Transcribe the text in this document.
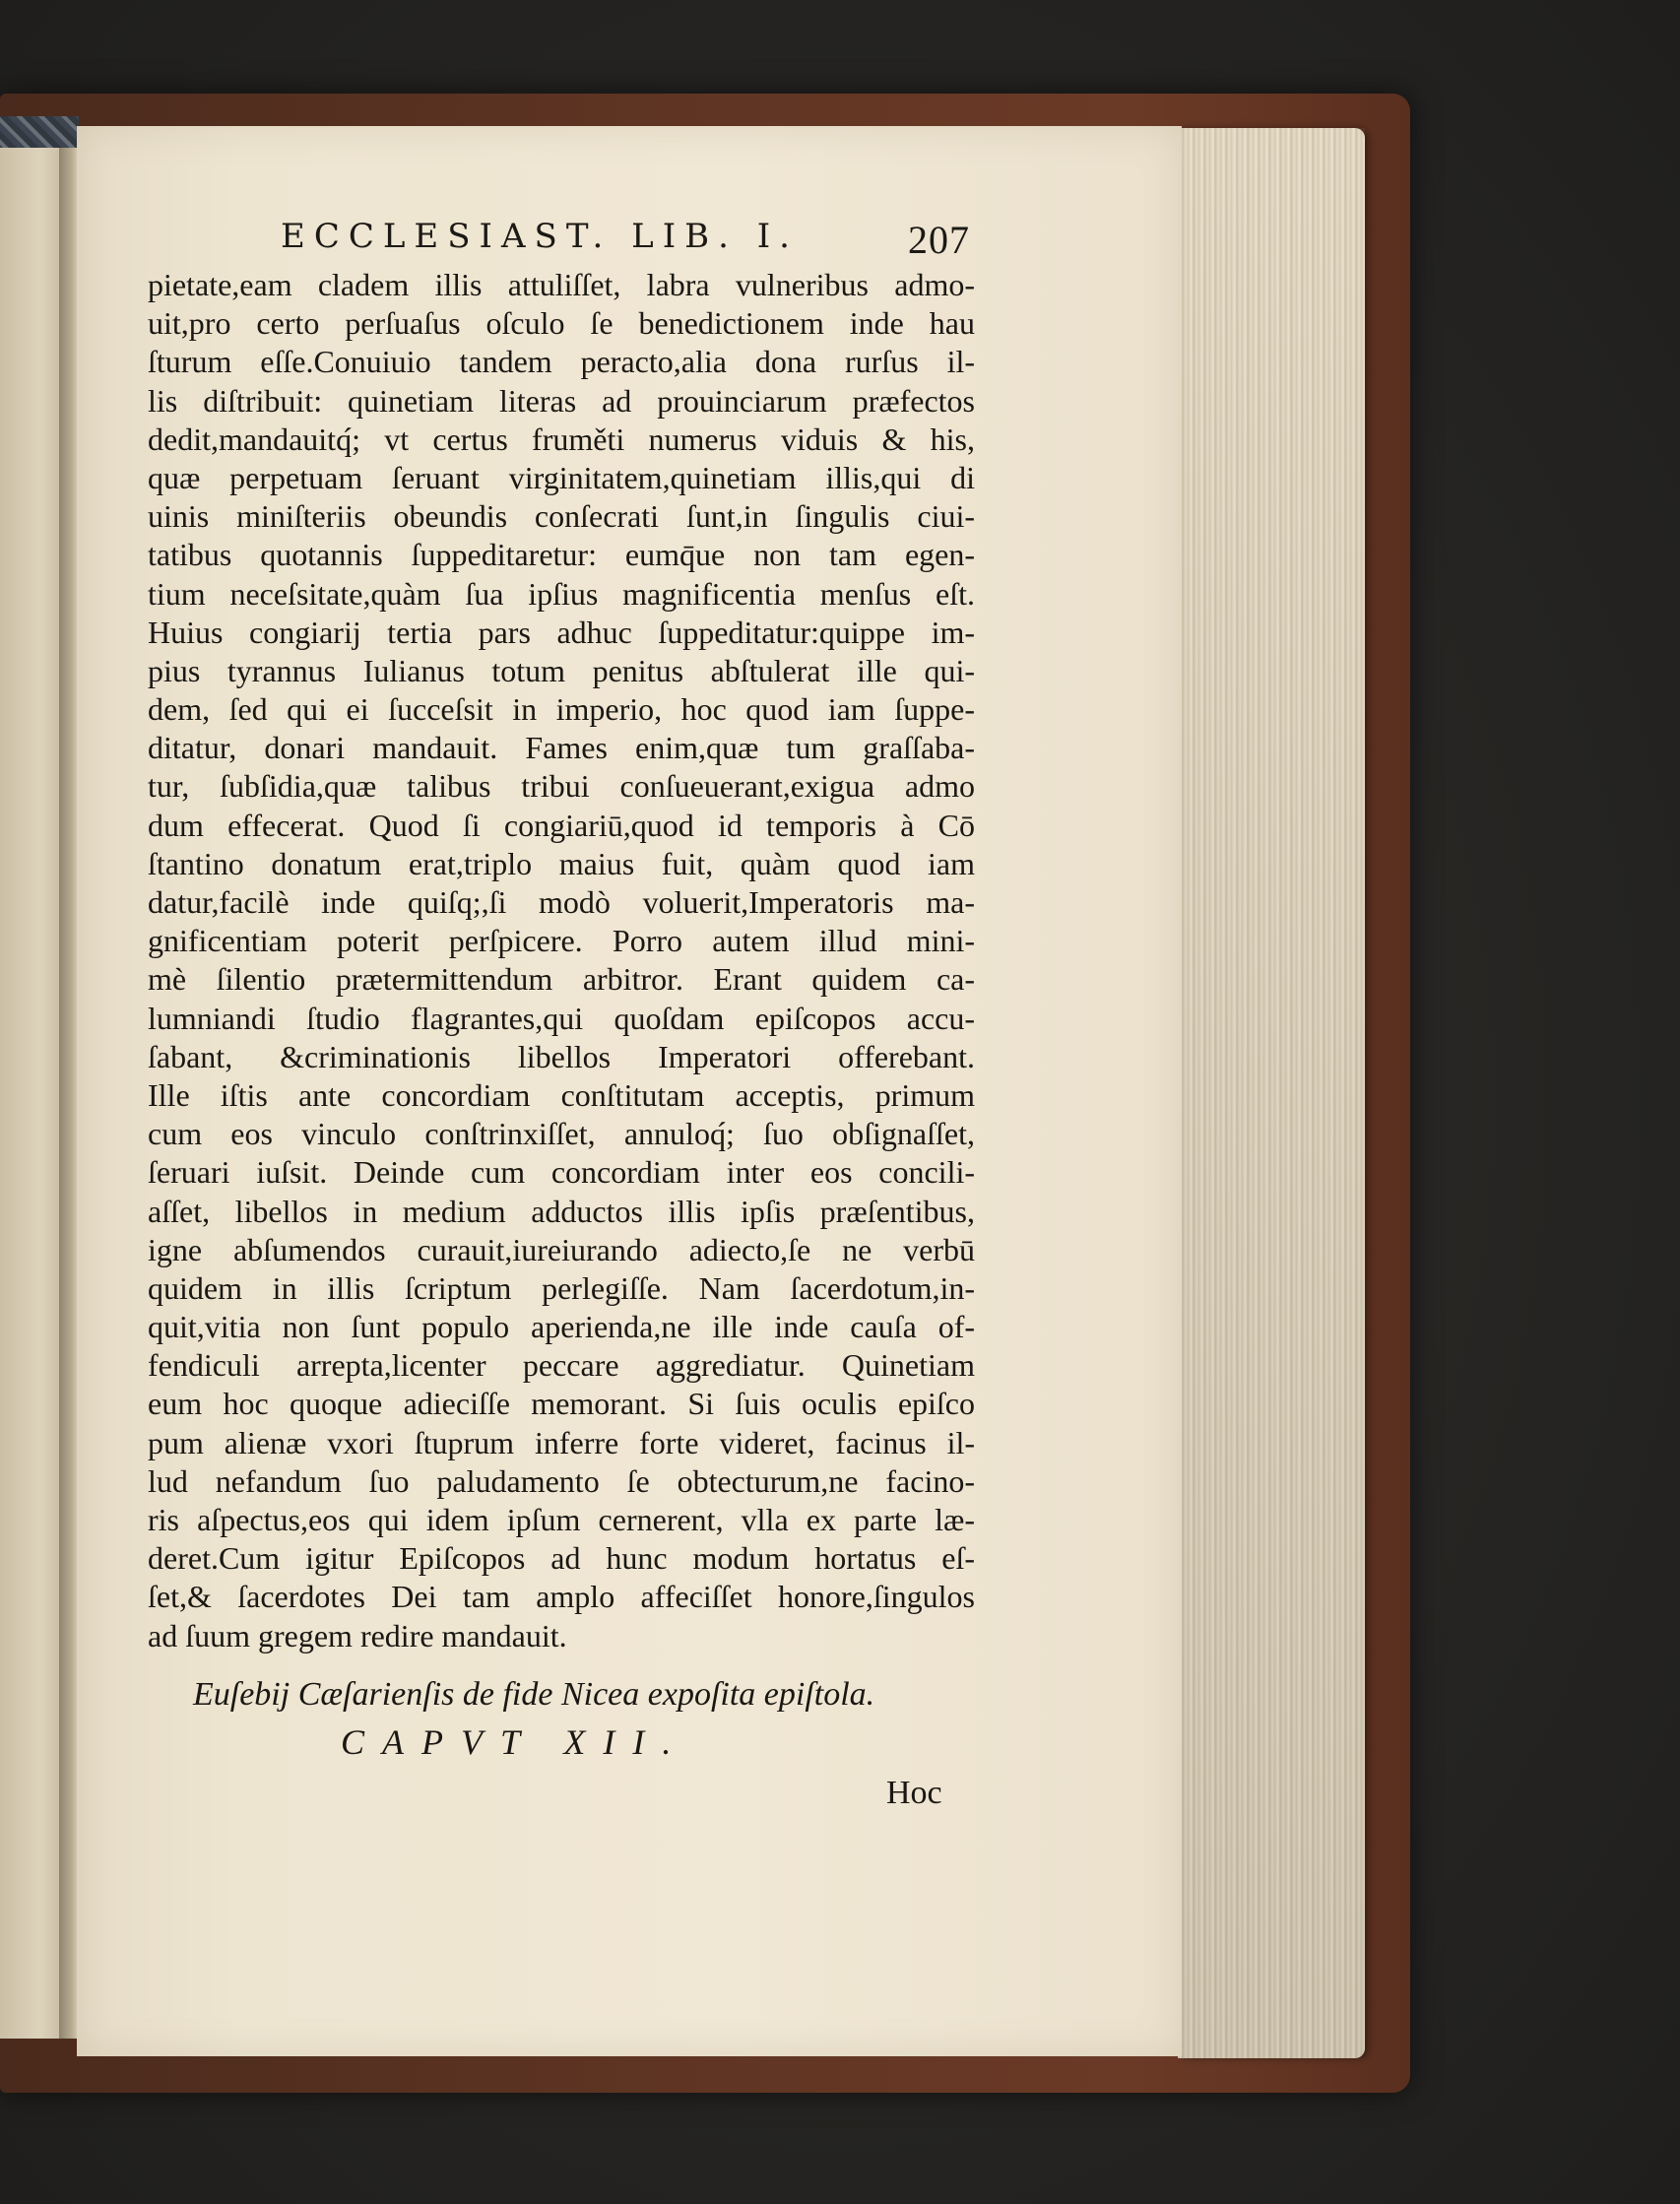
ECCLESIAST. LIB. I.	207
pietate,eam cladem illis attuliſſet, labra vulneribus admo-
uit,pro certo perſuaſus oſculo ſe benedictionem inde hau
ſturum eſſe.Conuiuio tandem peracto,alia dona rurſus il-
lis diſtribuit: quinetiam literas ad prouinciarum præfectos
dedit,mandauitq́; vt certus fruměti numerus viduis & his,
quæ perpetuam ſeruant virginitatem,quinetiam illis,qui di
uinis miniſteriis obeundis conſecrati ſunt,in ſingulis ciui-
tatibus quotannis ſuppeditaretur: eumq̄ue non tam egen-
tium neceſsitate,quàm ſua ipſius magnificentia menſus eſt.
Huius congiarij tertia pars adhuc ſuppeditatur:quippe im-
pius tyrannus Iulianus totum penitus abſtulerat ille qui-
dem, ſed qui ei ſucceſsit in imperio, hoc quod iam ſuppe-
ditatur, donari mandauit. Fames enim,quæ tum graſſaba-
tur, ſubſidia,quæ talibus tribui conſueuerant,exigua admo
dum effecerat. Quod ſi congiariū,quod id temporis à Cō
ſtantino donatum erat,triplo maius fuit, quàm quod iam
datur,facilè inde quiſq;,ſi modò voluerit,Imperatoris ma-
gnificentiam poterit perſpicere. Porro autem illud mini-
mè ſilentio prætermittendum arbitror. Erant quidem ca-
lumniandi ſtudio flagrantes,qui quoſdam epiſcopos accu-
ſabant, &criminationis libellos Imperatori offerebant.
Ille iſtis ante concordiam conſtitutam acceptis, primum
cum eos vinculo conſtrinxiſſet, annuloq́; ſuo obſignaſſet,
ſeruari iuſsit. Deinde cum concordiam inter eos concili-
aſſet, libellos in medium adductos illis ipſis præſentibus,
igne abſumendos curauit,iureiurando adiecto,ſe ne verbū
quidem in illis ſcriptum perlegiſſe. Nam ſacerdotum,in-
quit,vitia non ſunt populo aperienda,ne ille inde cauſa of-
fendiculi arrepta,licenter peccare aggrediatur. Quinetiam
eum hoc quoque adieciſſe memorant. Si ſuis oculis epiſco
pum alienæ vxori ſtuprum inferre forte videret, facinus il-
lud nefandum ſuo paludamento ſe obtecturum,ne facino-
ris aſpectus,eos qui idem ipſum cernerent, vlla ex parte læ-
deret.Cum igitur Epiſcopos ad hunc modum hortatus eſ-
ſet,& ſacerdotes Dei tam amplo affeciſſet honore,ſingulos
ad ſuum gregem redire mandauit.
Euſebij Cæſarienſis de fide Nicea expoſita epiſtola.
CAPVT XII.
Hoc
